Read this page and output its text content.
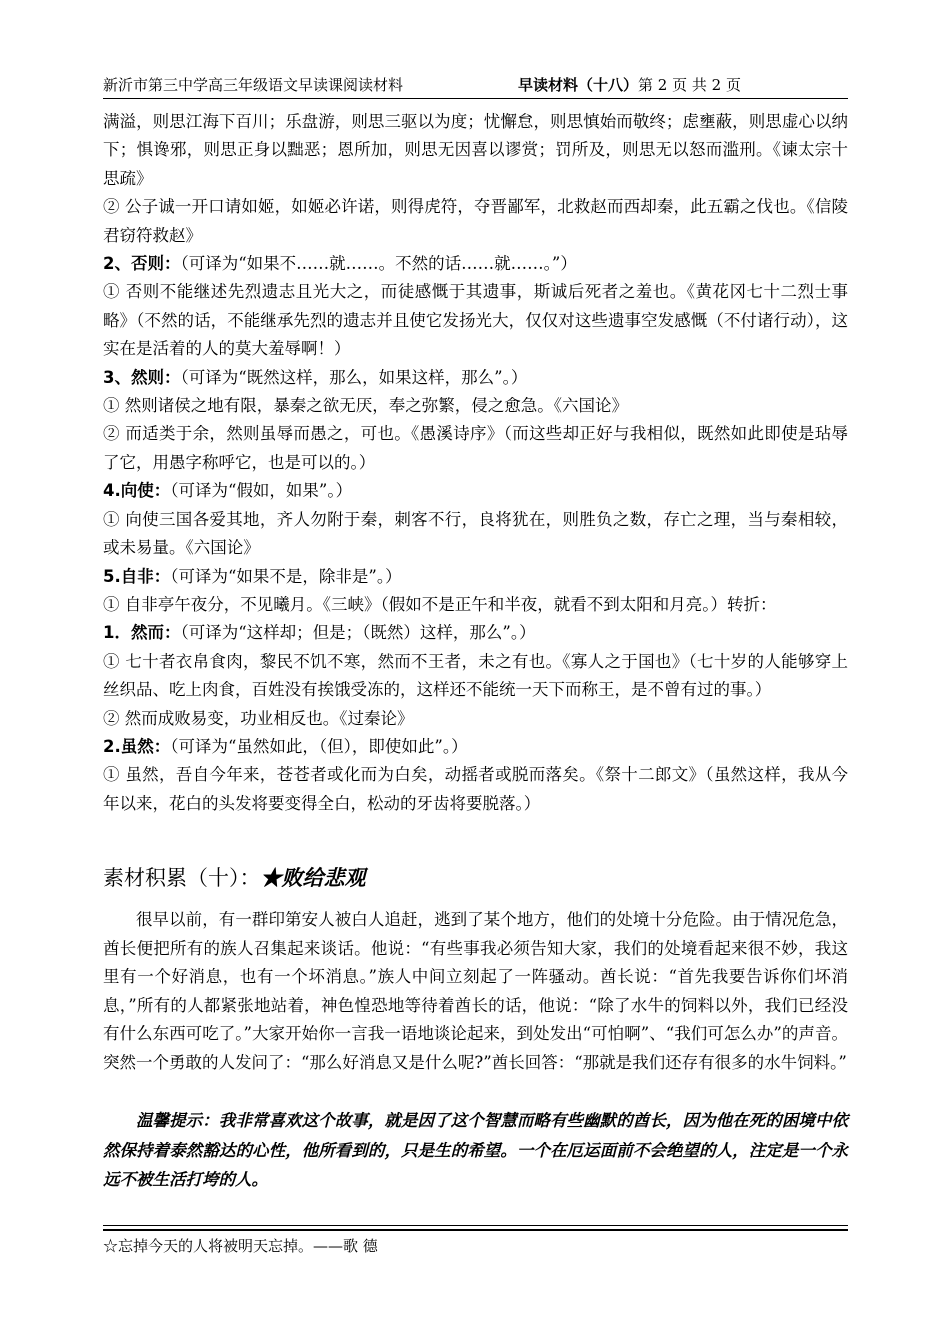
新沂市第三中学高三年级语文早读课阅读材料	早读材料（十八）第 2 页 共 2 页

满溢，则思江海下百川；乐盘游，则思三驱以为度；忧懈怠，则思慎始而敬终；虑壅蔽，则思虚心以纳下；惧谗邪，则思正身以黜恶；恩所加，则思无因喜以谬赏；罚所及，则思无以怒而滥刑。《谏太宗十思疏》

② 公子诚一开口请如姬，如姬必许诺，则得虎符，夺晋鄙军，北救赵而西却秦，此五霸之伐也。《信陵君窃符救赵》

2、否则：（可译为“如果不……就……。不然的话……就……。”）

① 否则不能继述先烈遗志且光大之，而徒感慨于其遗事，斯诚后死者之羞也。《黄花冈七十二烈士事略》（不然的话，不能继承先烈的遗志并且使它发扬光大，仅仅对这些遗事空发感慨（不付诸行动），这实在是活着的人的莫大羞辱啊！）

3、然则：（可译为“既然这样，那么，如果这样，那么”。）

① 然则诸侯之地有限，暴秦之欲无厌，奉之弥繁，侵之愈急。《六国论》

② 而适类于余，然则虽辱而愚之，可也。《愚溪诗序》（而这些却正好与我相似，既然如此即使是玷辱了它，用愚字称呼它，也是可以的。）

4.向使：（可译为“假如，如果”。）

① 向使三国各爱其地，齐人勿附于秦，刺客不行，良将犹在，则胜负之数，存亡之理，当与秦相较，或未易量。《六国论》

5.自非：（可译为“如果不是，除非是”。）

① 自非亭午夜分，不见曦月。《三峡》（假如不是正午和半夜，就看不到太阳和月亮。）转折：

1．然而：（可译为“这样却；但是；（既然）这样，那么”。）

① 七十者衣帛食肉，黎民不饥不寒，然而不王者，未之有也。《寡人之于国也》（七十岁的人能够穿上丝织品、吃上肉食，百姓没有挨饿受冻的，这样还不能统一天下而称王，是不曾有过的事。）

② 然而成败易变，功业相反也。《过秦论》

2.虽然：（可译为“虽然如此，（但），即使如此”。）

① 虽然，吾自今年来，苍苍者或化而为白矣，动摇者或脱而落矣。《祭十二郎文》（虽然这样，我从今年以来，花白的头发将要变得全白，松动的牙齿将要脱落。）

素材积累（十）：★败给悲观

很早以前，有一群印第安人被白人追赶，逃到了某个地方，他们的处境十分危险。由于情况危急，酋长便把所有的族人召集起来谈话。他说：“有些事我必须告知大家，我们的处境看起来很不妙，我这里有一个好消息，也有一个坏消息。”族人中间立刻起了一阵骚动。酋长说：“首先我要告诉你们坏消息，”所有的人都紧张地站着，神色惶恐地等待着酋长的话，他说：“除了水牛的饲料以外，我们已经没有什么东西可吃了。”大家开始你一言我一语地谈论起来，到处发出“可怕啊”、“我们可怎么办”的声音。突然一个勇敢的人发问了：“那么好消息又是什么呢?”酋长回答：“那就是我们还存有很多的水牛饲料。”

温馨提示：我非常喜欢这个故事，就是因了这个智慧而略有些幽默的酋长，因为他在死的困境中依然保持着泰然豁达的心性，他所看到的，只是生的希望。一个在厄运面前不会绝望的人，注定是一个永远不被生活打垮的人。

☆忘掉今天的人将被明天忘掉。——歌 德
